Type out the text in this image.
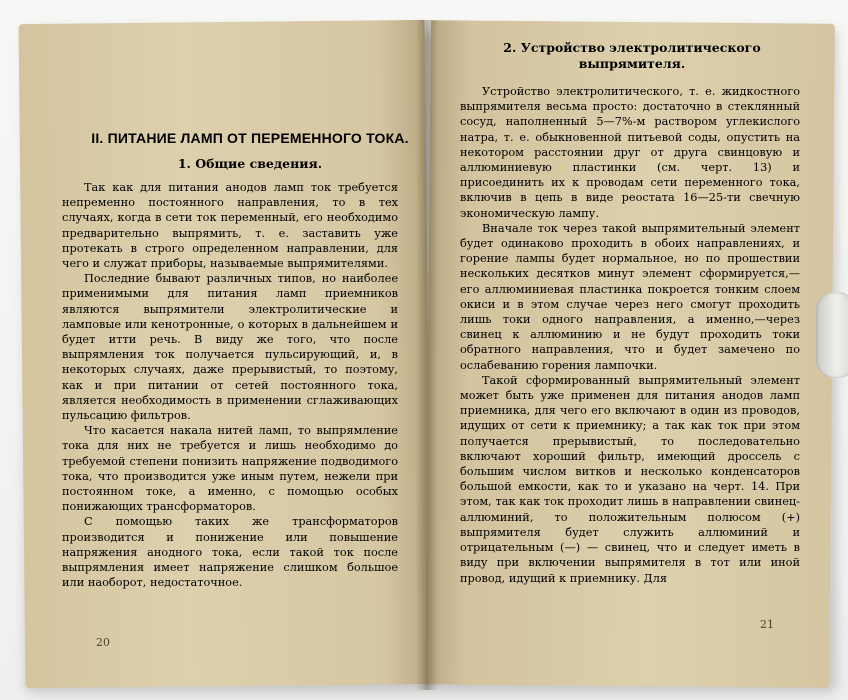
II. ПИТАНИЕ ЛАМП ОТ ПЕРЕМЕННОГО ТОКА.
1. Общие сведения.

Так как для питания анодов ламп ток требуется непременно постоянного направления, то в тех случаях, когда в сети ток переменный, его необходимо предварительно выпрямить, т. е. заставить уже протекать в строго определенном направлении, для чего и служат приборы, называемые выпрямителями.

Последние бывают различных типов, но наиболее применимыми для питания ламп приемников являются выпрямители электролитические и ламповые или кенотронные, о которых в дальнейшем и будет итти речь. В виду же того, что после выпрямления ток получается пульсирующий, и, в некоторых случаях, даже прерывистый, то поэтому, как и при питании от сетей постоянного тока, является необходимость в применении сглаживающих пульсацию фильтров.

Что касается накала нитей ламп, то выпрямление тока для них не требуется и лишь необходимо до требуемой степени понизить напряжение подводимого тока, что производится уже иным путем, нежели при постоянном токе, а именно, с помощью особых понижающих трансформаторов.

С помощью таких же трансформаторов производится и понижение или повышение напряжения анодного тока, если такой ток после выпрямления имеет напряжение слишком большое или наоборот, недостаточное.

20
2. Устройство электролитического
выпрямителя.

Устройство электролитического, т. е. жидкостного выпрямителя весьма просто: достаточно в стеклянный сосуд, наполненный 5—7%-м раствором углекислого натра, т. е. обыкновенной питьевой соды, опустить на некотором расстоянии друг от друга свинцовую и аллюминиевую пластинки (см. черт. 13) и присоединить их к проводам сети переменного тока, включив в цепь в виде реостата 16—25-ти свечную экономическую лампу.

Вначале ток через такой выпрямительный элемент будет одинаково проходить в обоих направлениях, и горение лампы будет нормальное, но по прошествии нескольких десятков минут элемент сформируется,—его аллюминиевая пластинка покроется тонким слоем окиси и в этом случае через него смогут проходить лишь токи одного направления, а именно,—через свинец к аллюминию и не будут проходить токи обратного направления, что и будет замечено по ослабеванию горения лампочки.

Такой сформированный выпрямительный элемент может быть уже применен для питания анодов ламп приемника, для чего его включают в один из проводов, идущих от сети к приемнику; а так как ток при этом получается прерывистый, то последовательно включают хороший фильтр, имеющий дроссель с большим числом витков и несколько конденсаторов большой емкости, как то и указано на черт. 14. При этом, так как ток проходит лишь в направлении свинец-аллюминий, то положительным полюсом (+) выпрямителя будет служить аллюминий и отрицательным (—) — свинец, что и следует иметь в виду при включении выпрямителя в тот или иной провод, идущий к приемнику. Для

21
